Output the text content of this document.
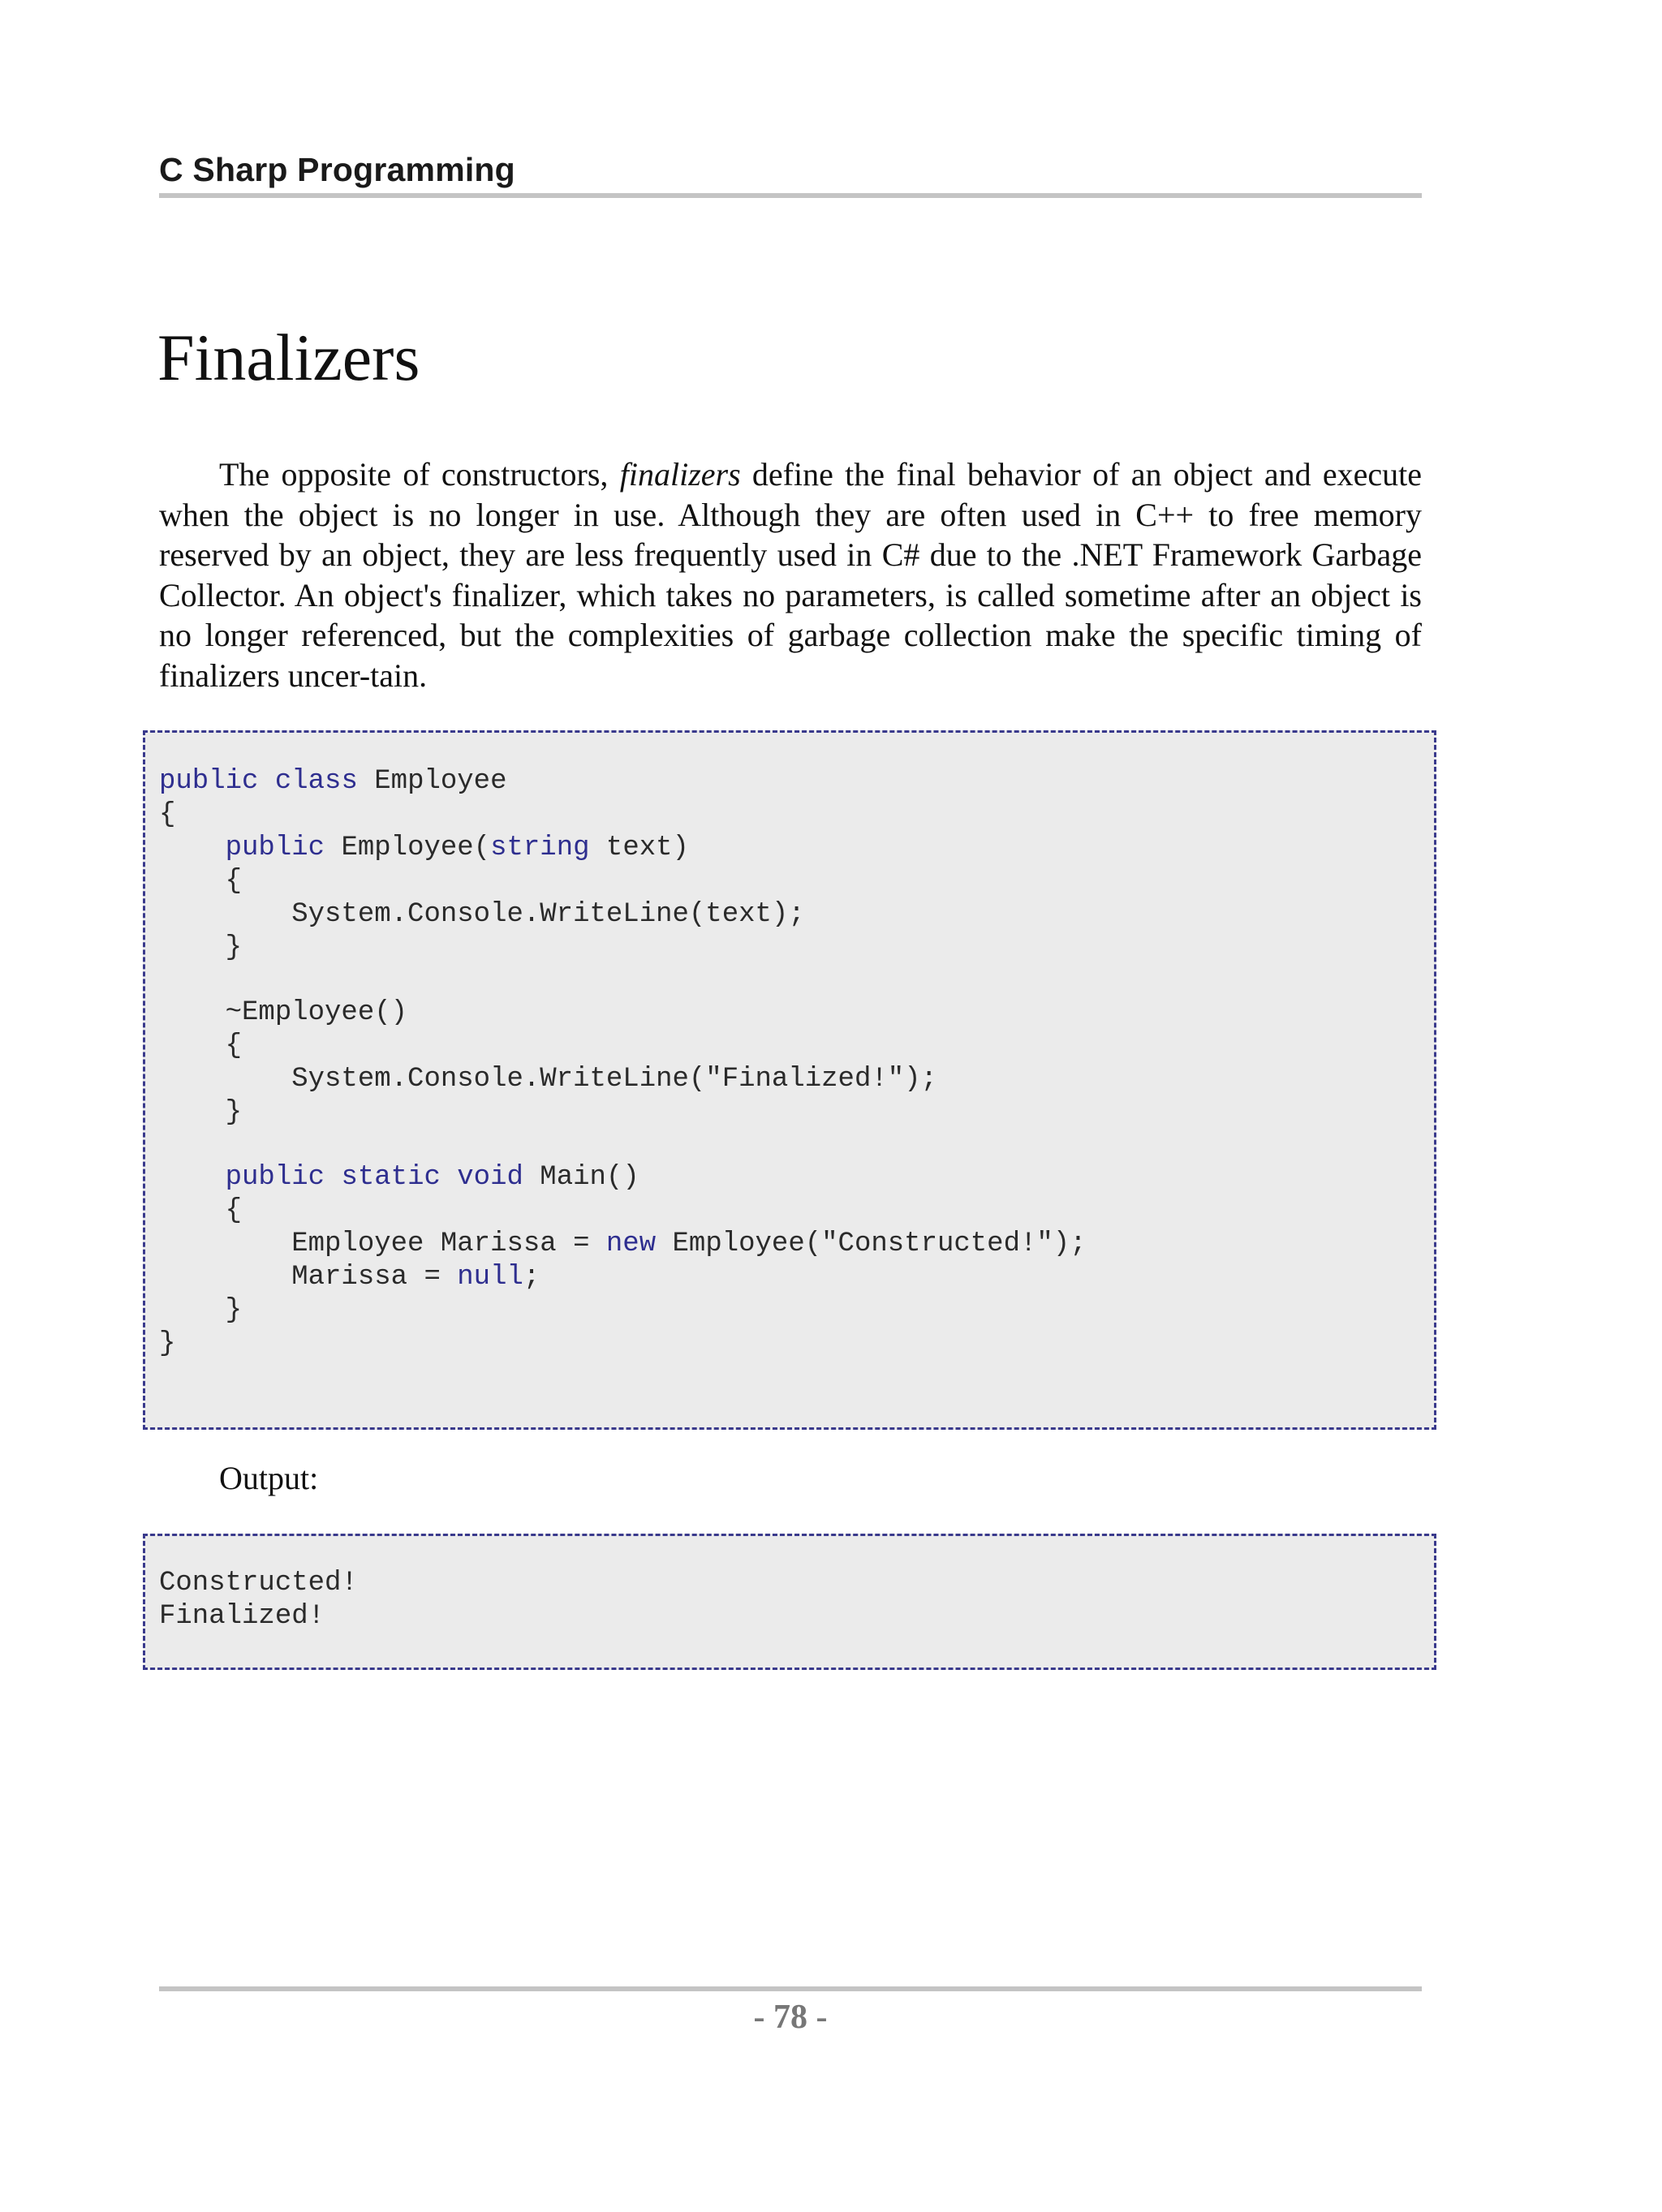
C Sharp Programming
Finalizers

The opposite of constructors, finalizers define the final behavior of an object and execute when the object is no longer in use. Although they are often used in C++ to free memory reserved by an object, they are less frequently used in C# due to the .NET Framework Garbage Collector. An object's finalizer, which takes no parameters, is called sometime after an object is no longer referenced, but the complexities of garbage collection make the specific timing of finalizers uncer-tain.

public class Employee
{
public Employee(string text)
{
System.Console.WriteLine(text);
}
~Employee()
{
System.Console.WriteLine("Finalized!");
}
public static void Main()
{
Employee Marissa = new Employee("Constructed!");
Marissa = null;
}
}
Output:
Constructed!
Finalized!
- 78 -
